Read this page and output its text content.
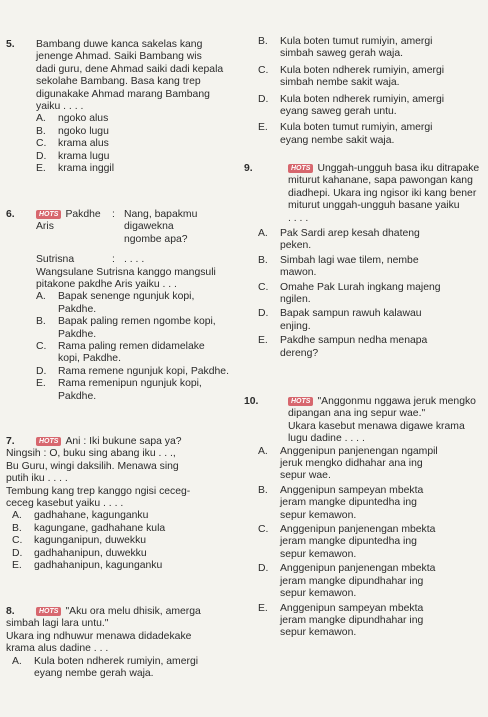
5. Bambang duwe kanca sakelas kang

jenenge Ahmad. Saiki Bambang wis

dadi guru, dene Ahmad saiki dadi kepala

sekolahe Bambang. Basa kang trep

digunakake Ahmad marang Bambang

yaiku . . . .

A. ngoko alus
B. ngoko lugu
C. krama alus
D. krama lugu
E. krama inggil
6.	HOTS Pakdhe Aris
: Nang, bapakmu
digawekna
ngombe apa?
Sutrisna	: . . . .

Wangsulane Sutrisna kanggo mangsuli

pitakone pakdhe Aris yaiku . . .

A. Bapak senenge ngunjuk kopi,
Pakdhe.
B. Bapak paling remen ngombe kopi,
Pakdhe.
C. Rama paling remen didamelake
kopi, Pakdhe.
D. Rama remene ngunjuk kopi, Pakdhe.
E. Rama remenipun ngunjuk kopi,
Pakdhe.
7.	HOTS Ani : Iki bukune sapa ya?

Ningsih : O, buku sing abang iku . . .,

Bu Guru, wingi daksilih. Menawa sing

putih iku . . . .

Tembung kang trep kanggo ngisi ceceg-

ceceg kasebut yaiku . . . .

A. gadhahane, kagunganku
B. kagungane, gadhahane kula
C. kagunganipun, duwekku
D. gadhahanipun, duwekku
E. gadhahanipun, kagunganku
8.	HOTS "Aku ora melu dhisik, amerga

simbah lagi lara untu."

Ukara ing ndhuwur menawa didadekake

krama alus dadine . . .

A. Kula boten ndherek rumiyin, amergi
eyang nembe gerah waja.
B. Kula boten tumut rumiyin, amergi
simbah saweg gerah waja.
C. Kula boten ndherek rumiyin, amergi
simbah nembe sakit waja.
D. Kula boten ndherek rumiyin, amergi
eyang saweg gerah untu.
E. Kula boten tumut rumiyin, amergi
eyang nembe sakit waja.
9.	HOTS Unggah-ungguh basa iku ditrapake

miturut kahanane, sapa pawongan kang

diadhepi. Ukara ing ngisor iki kang bener

miturut unggah-ungguh basane yaiku

. . . .

A. Pak Sardi arep kesah dhateng
peken.
B. Simbah lagi wae tilem, nembe
mawon.
C. Omahe Pak Lurah ingkang majeng
ngilen.
D. Bapak sampun rawuh kalawau
enjing.
E. Pakdhe sampun nedha menapa
dereng?
10.	HOTS "Anggonmu nggawa jeruk mengko

dipangan ana ing sepur wae."

Ukara kasebut menawa digawe krama

lugu dadine . . . .

A. Anggenipun panjenengan ngampil
jeruk mengko didhahar ana ing
sepur wae.
B. Anggenipun sampeyan mbekta
jeram mangke dipuntedha ing
sepur kemawon.
C. Anggenipun panjenengan mbekta
jeram mangke dipuntedha ing
sepur kemawon.
D. Anggenipun panjenengan mbekta
jeram mangke dipundhahar ing
sepur kemawon.
E. Anggenipun sampeyan mbekta
jeram mangke dipundhahar ing
sepur kemawon.
